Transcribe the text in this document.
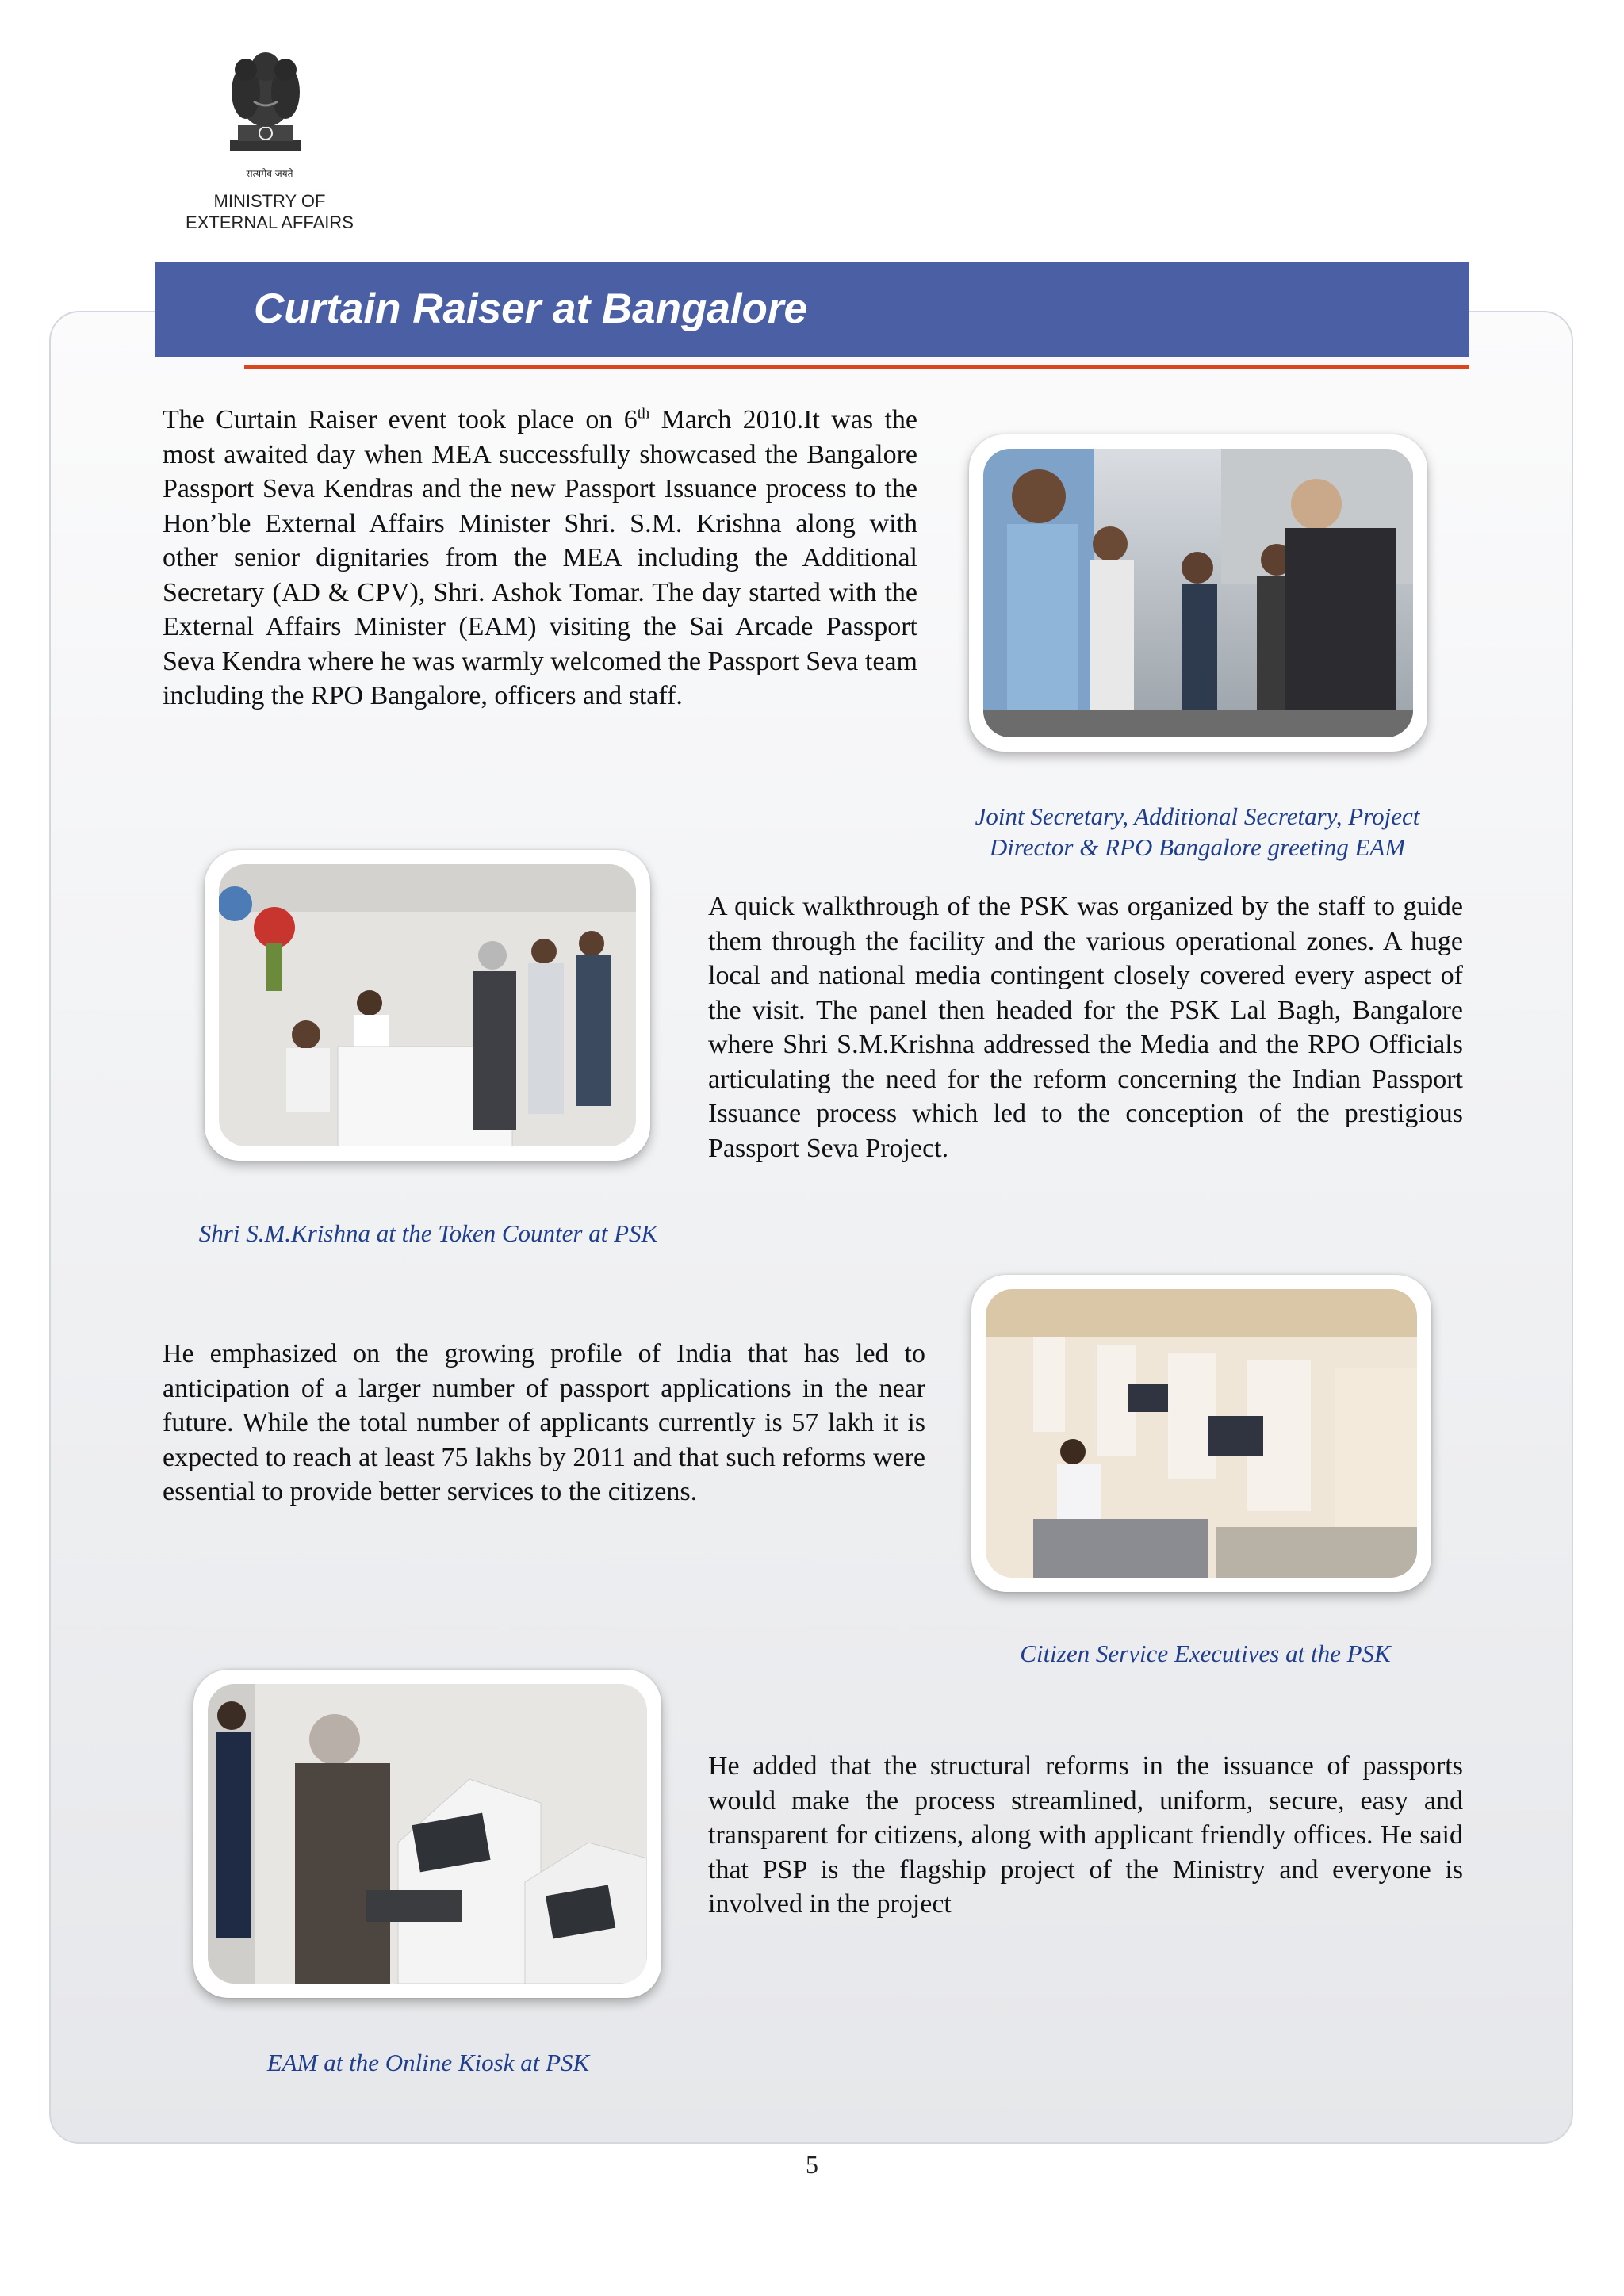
सत्यमेव जयते
MINISTRY OF
EXTERNAL AFFAIRS
Curtain Raiser at Bangalore

The Curtain Raiser event took place on 6th March 2010.It was the most awaited day when MEA successfully showcased the Bangalore Passport Seva Kendras and the new Passport Issuance process to the Hon’ble External Affairs Minister Shri. S.M. Krishna along with other senior dignitaries from the MEA including the Additional Secretary (AD & CPV), Shri. Ashok Tomar. The day started with the External Affairs Minister (EAM) visiting the Sai Arcade Passport Seva Kendra where he was warmly welcomed the Passport Seva team including the RPO Bangalore, officers and staff.

Joint Secretary, Additional Secretary, Project
Director & RPO Bangalore greeting EAM
Shri S.M.Krishna at the Token Counter at PSK

A quick walkthrough of the PSK was organized by the staff to guide them through the facility and the various operational zones. A huge local and national media contingent closely covered every aspect of the visit. The panel then headed for the PSK Lal Bagh, Bangalore where Shri S.M.Krishna addressed the Media and the RPO Officials articulating the need for the reform concerning the Indian Passport Issuance process which led to the conception of the prestigious Passport Seva Project.

He emphasized on the growing profile of India that has led to anticipation of a larger number of passport applications in the near future. While the total number of applicants currently is 57 lakh it is expected to reach at least 75 lakhs by 2011 and that such reforms were essential to provide better services to the citizens.

Citizen Service Executives at the PSK
EAM at the Online Kiosk at PSK

He added that the structural reforms in the issuance of passports would make the process streamlined, uniform, secure, easy and transparent for citizens, along with applicant friendly offices. He said that PSP is the flagship project of the Ministry and everyone is involved in the project

5
